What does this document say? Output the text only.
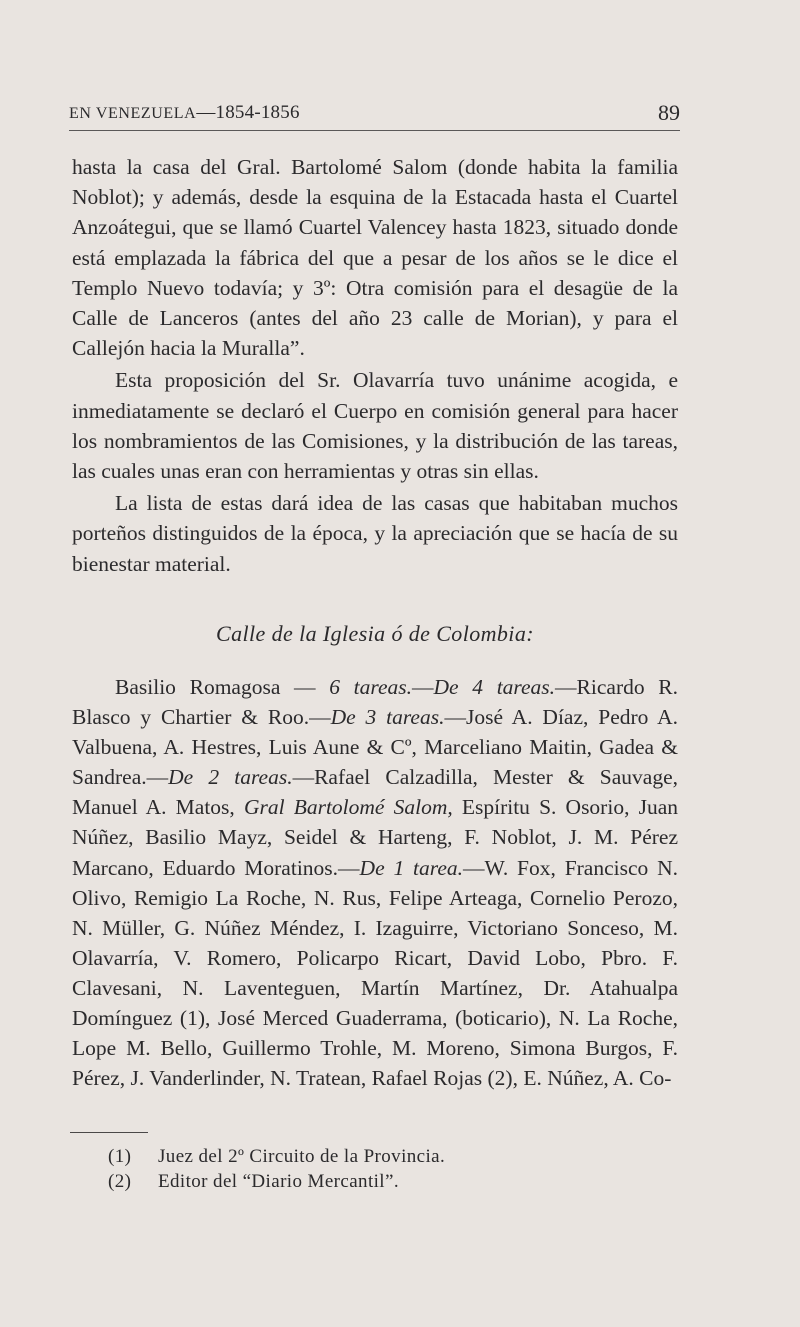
EN VENEZUELA—1854-1856	89

hasta la casa del Gral. Bartolomé Salom (donde habita la familia Noblot); y además, desde la esquina de la Estacada hasta el Cuartel Anzoátegui, que se llamó Cuartel Valencey hasta 1823, situado donde está emplazada la fábrica del que a pesar de los años se le dice el Templo Nuevo todavía; y 3º: Otra comisión para el desagüe de la Calle de Lanceros (antes del año 23 calle de Morian), y para el Callejón hacia la Muralla”.

Esta proposición del Sr. Olavarría tuvo unánime acogida, e inmediatamente se declaró el Cuerpo en comisión general para hacer los nombramientos de las Comisiones, y la distribución de las tareas, las cuales unas eran con herramientas y otras sin ellas.

La lista de estas dará idea de las casas que habitaban muchos porteños distinguidos de la época, y la apreciación que se hacía de su bienestar material.

Calle de la Iglesia ó de Colombia:

Basilio Romagosa — 6 tareas.—De 4 tareas.—Ricardo R. Blasco y Chartier & Roo.—De 3 tareas.—José A. Díaz, Pedro A. Valbuena, A. Hestres, Luis Aune & Cº, Marceliano Maitin, Gadea & Sandrea.—De 2 tareas.—Rafael Calzadilla, Mester & Sauvage, Manuel A. Matos, Gral Bartolomé Salom, Espíritu S. Osorio, Juan Núñez, Basilio Mayz, Seidel & Harteng, F. Noblot, J. M. Pérez Marcano, Eduardo Moratinos.—De 1 tarea.—W. Fox, Francisco N. Olivo, Remigio La Roche, N. Rus, Felipe Arteaga, Cornelio Perozo, N. Müller, G. Núñez Méndez, I. Izaguirre, Victoriano Sonceso, M. Olavarría, V. Romero, Policarpo Ricart, David Lobo, Pbro. F. Clavesani, N. Laventeguen, Martín Martínez, Dr. Atahualpa Domínguez (1), José Merced Guaderrama, (boticario), N. La Roche, Lope M. Bello, Guillermo Trohle, M. Moreno, Simona Burgos, F. Pérez, J. Vanderlinder, N. Tratean, Rafael Rojas (2), E. Núñez, A. Co-

(1) Juez del 2º Circuito de la Provincia.
(2) Editor del “Diario Mercantil”.
